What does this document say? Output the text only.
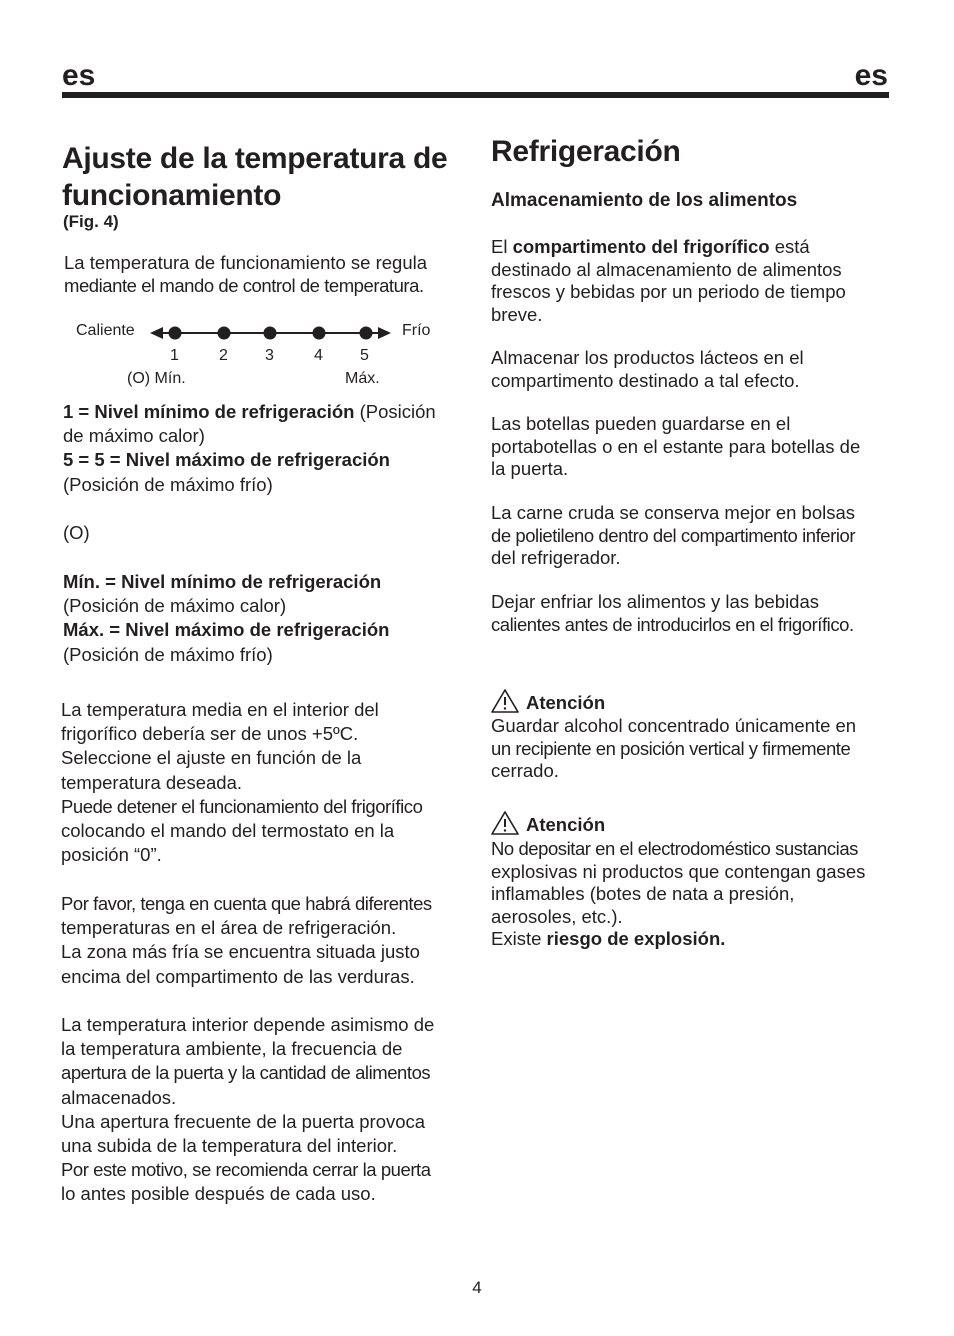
es	es
Ajuste de la temperatura de
funcionamiento
(Fig. 4)
La temperatura de funcionamiento se regula
mediante el mando de control de temperatura.
Caliente	Frío
1	2 3	4 5
(O) Mín.	Máx.
1 = Nivel mínimo de refrigeración (Posición
de máximo calor)
5 = 5 = Nivel máximo de refrigeración
(Posición de máximo frío)
(O)
Mín. = Nivel mínimo de refrigeración
(Posición de máximo calor)
Máx. = Nivel máximo de refrigeración
(Posición de máximo frío)
La temperatura media en el interior del
frigorífico debería ser de unos +5ºC.
Seleccione el ajuste en función de la
temperatura deseada.
Puede detener el funcionamiento del frigorífico
colocando el mando del termostato en la
posición “0”.
Por favor, tenga en cuenta que habrá diferentes
temperaturas en el área de refrigeración.
La zona más fría se encuentra situada justo
encima del compartimento de las verduras.
La temperatura interior depende asimismo de
la temperatura ambiente, la frecuencia de
apertura de la puerta y la cantidad de alimentos
almacenados.
Una apertura frecuente de la puerta provoca
una subida de la temperatura del interior.
Por este motivo, se recomienda cerrar la puerta
lo antes posible después de cada uso.
Refrigeración
Almacenamiento de los alimentos
El compartimento del frigorífico está
destinado al almacenamiento de alimentos
frescos y bebidas por un periodo de tiempo
breve.
Almacenar los productos lácteos en el
compartimento destinado a tal efecto.
Las botellas pueden guardarse en el
portabotellas o en el estante para botellas de
la puerta.
La carne cruda se conserva mejor en bolsas
de polietileno dentro del compartimento inferior
del refrigerador.
Dejar enfriar los alimentos y las bebidas
calientes antes de introducirlos en el frigorífico.
Atención
Guardar alcohol concentrado únicamente en
un recipiente en posición vertical y firmemente
cerrado.
Atención
No depositar en el electrodoméstico sustancias
explosivas ni productos que contengan gases
inflamables (botes de nata a presión,
aerosoles, etc.).
Existe riesgo de explosión.
4
